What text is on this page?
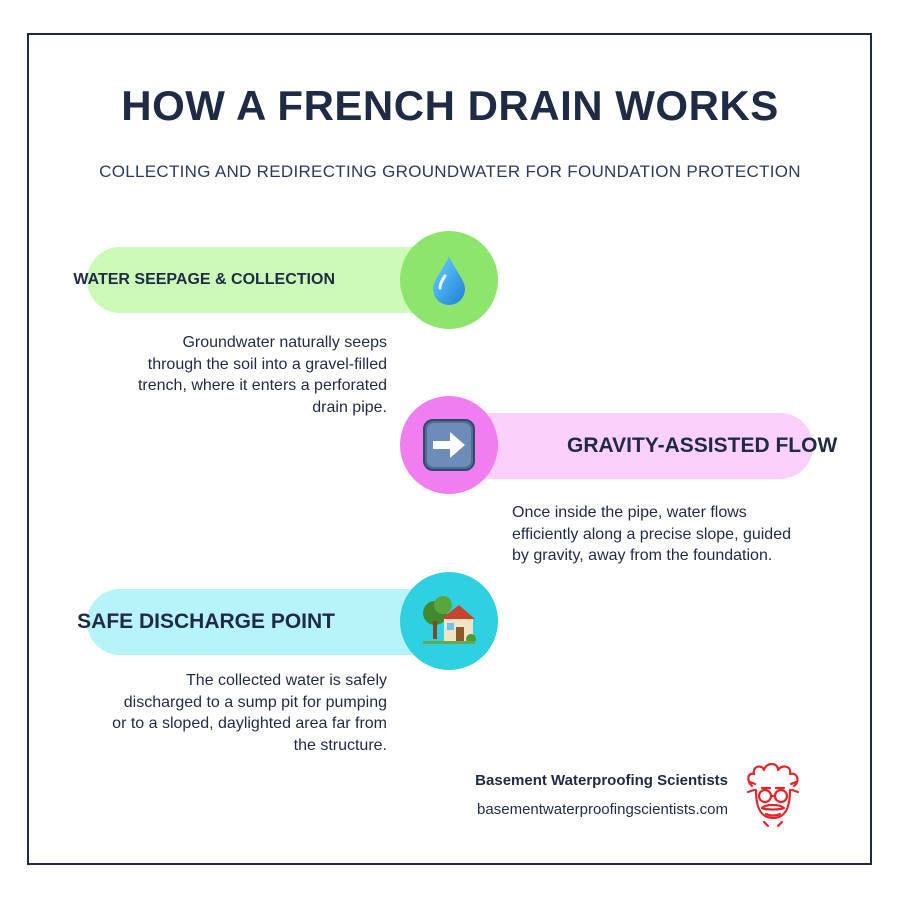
HOW A FRENCH DRAIN WORKS
COLLECTING AND REDIRECTING GROUNDWATER FOR FOUNDATION PROTECTION
WATER SEEPAGE & COLLECTION
Groundwater naturally seeps through the soil into a gravel-filled trench, where it enters a perforated drain pipe.
GRAVITY-ASSISTED FLOW
Once inside the pipe, water flows efficiently along a precise slope, guided by gravity, away from the foundation.
SAFE DISCHARGE POINT
The collected water is safely discharged to a sump pit for pumping or to a sloped, daylighted area far from the structure.
Basement Waterproofing Scientists
basementwaterproofingscientists.com
